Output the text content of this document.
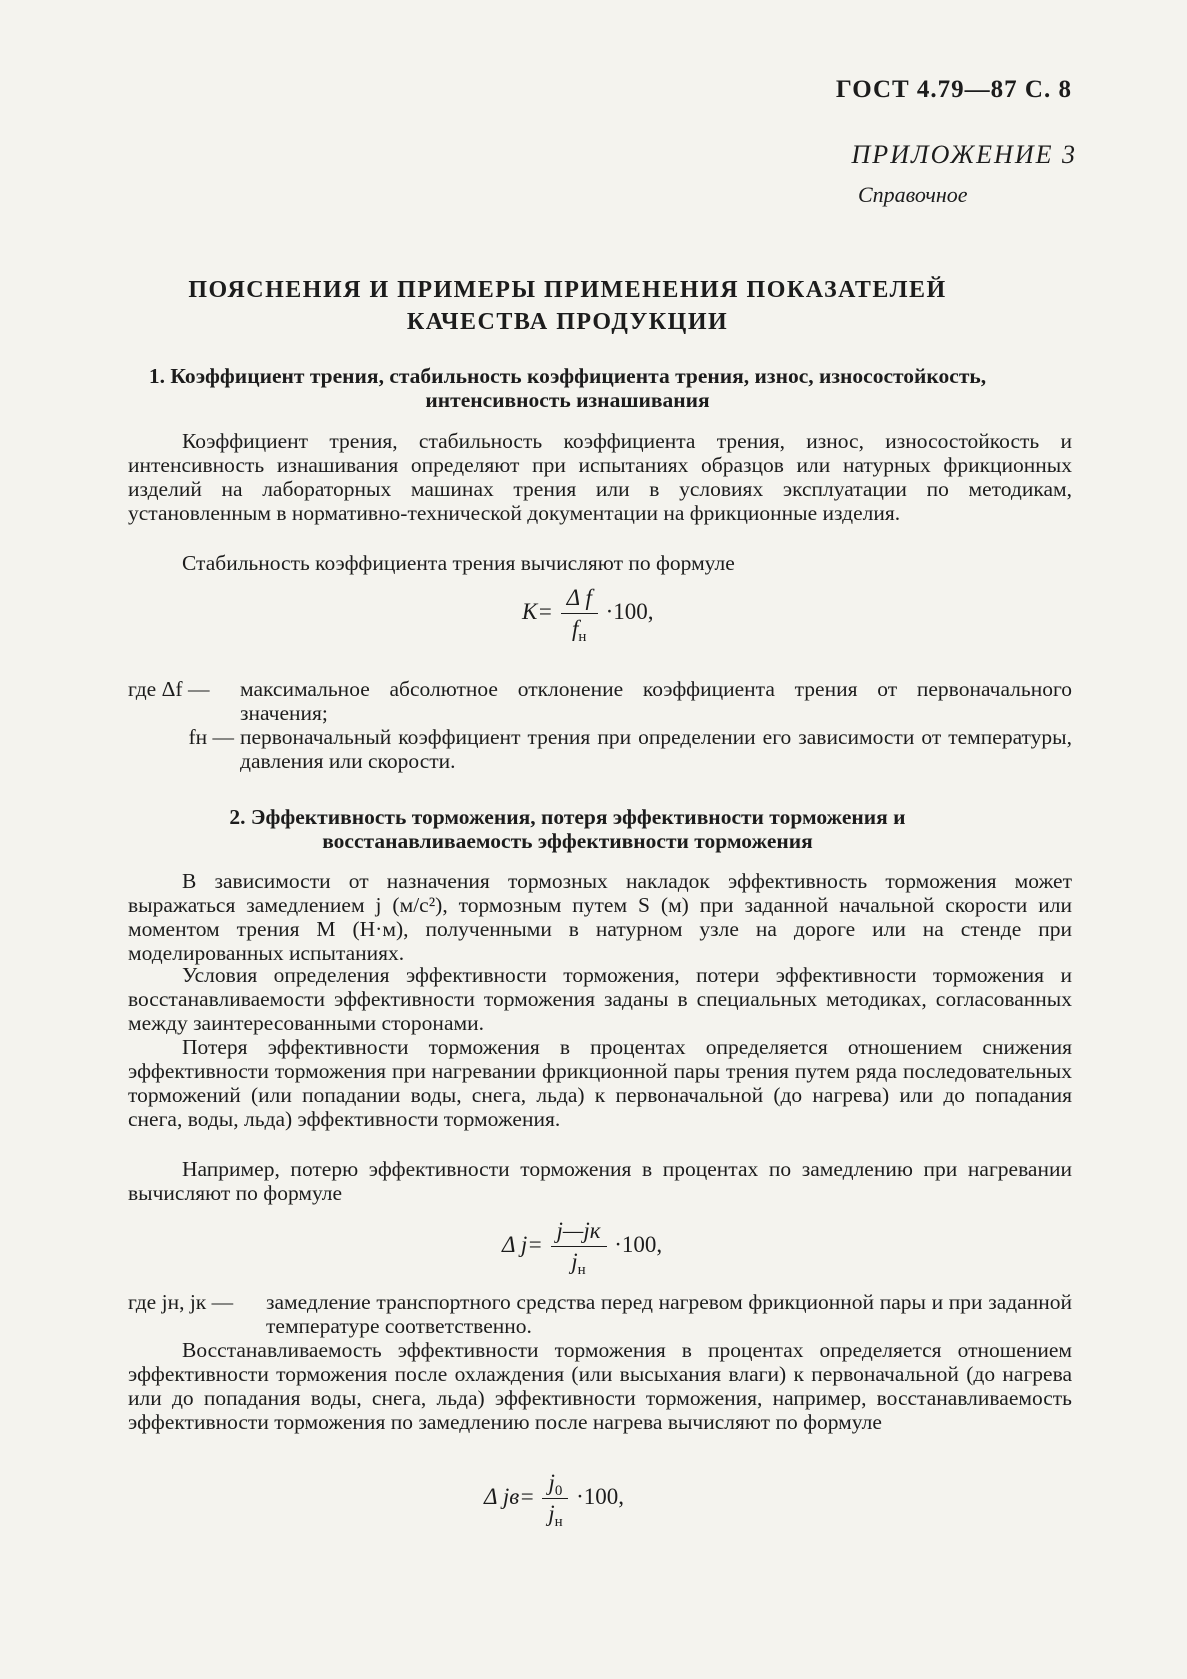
ГОСТ 4.79—87 С. 8
ПРИЛОЖЕНИЕ 3
Справочное
ПОЯСНЕНИЯ И ПРИМЕРЫ ПРИМЕНЕНИЯ ПОКАЗАТЕЛЕЙ КАЧЕСТВА ПРОДУКЦИИ
1. Коэффициент трения, стабильность коэффициента трения, износ, износостойкость, интенсивность изнашивания
Коэффициент трения, стабильность коэффициента трения, износ, износостойкость и интенсивность изнашивания определяют при испытаниях образцов или натурных фрикционных изделий на лабораторных машинах трения или в условиях эксплуатации по методикам, установленным в нормативно-технической документации на фрикционные изделия.
Стабильность коэффициента трения вычисляют по формуле
$K= \frac{\text{Δ f}}{f_н} \cdot 100$,
где Δf —	максимальное абсолютное отклонение коэффициента трения от первоначального значения;
fн — первоначальный коэффициент трения при определении его зависимости от температуры, давления или скорости.
2. Эффективность торможения, потеря эффективности торможения и восстанавливаемость эффективности торможения
В зависимости от назначения тормозных накладок эффективность торможения может выражаться замедлением j (м/с²), тормозным путем S (м) при заданной начальной скорости или моментом трения М (Н·м), полученными в натурном узле на дороге или на стенде при моделированных испытаниях.
Условия определения эффективности торможения, потери эффективности торможения и восстанавливаемости эффективности торможения заданы в специальных методиках, согласованных между заинтересованными сторонами.
Потеря эффективности торможения в процентах определяется отношением снижения эффективности торможения при нагревании фрикционной пары трения путем ряда последовательных торможений (или попадании воды, снега, льда) к первоначальной (до нагрева) или до попадания снега, воды, льда) эффективности торможения.
Например, потерю эффективности торможения в процентах по замедлению при нагревании вычисляют по формуле
Δ $j= \frac{j—jк}{j_н} \cdot 100$,
где jн, jк —	замедление транспортного средства перед нагревом фрикционной пары и при заданной температуре соответственно.
Восстанавливаемость эффективности торможения в процентах определяется отношением эффективности торможения после охлаждения (или высыхания влаги) к первоначальной (до нагрева или до попадания воды, снега, льда) эффективности торможения, например, восстанавливаемость эффективности торможения по замедлению после нагрева вычисляют по формуле
Δ $jв= \frac{j_0}{j_н} \cdot 100$,
